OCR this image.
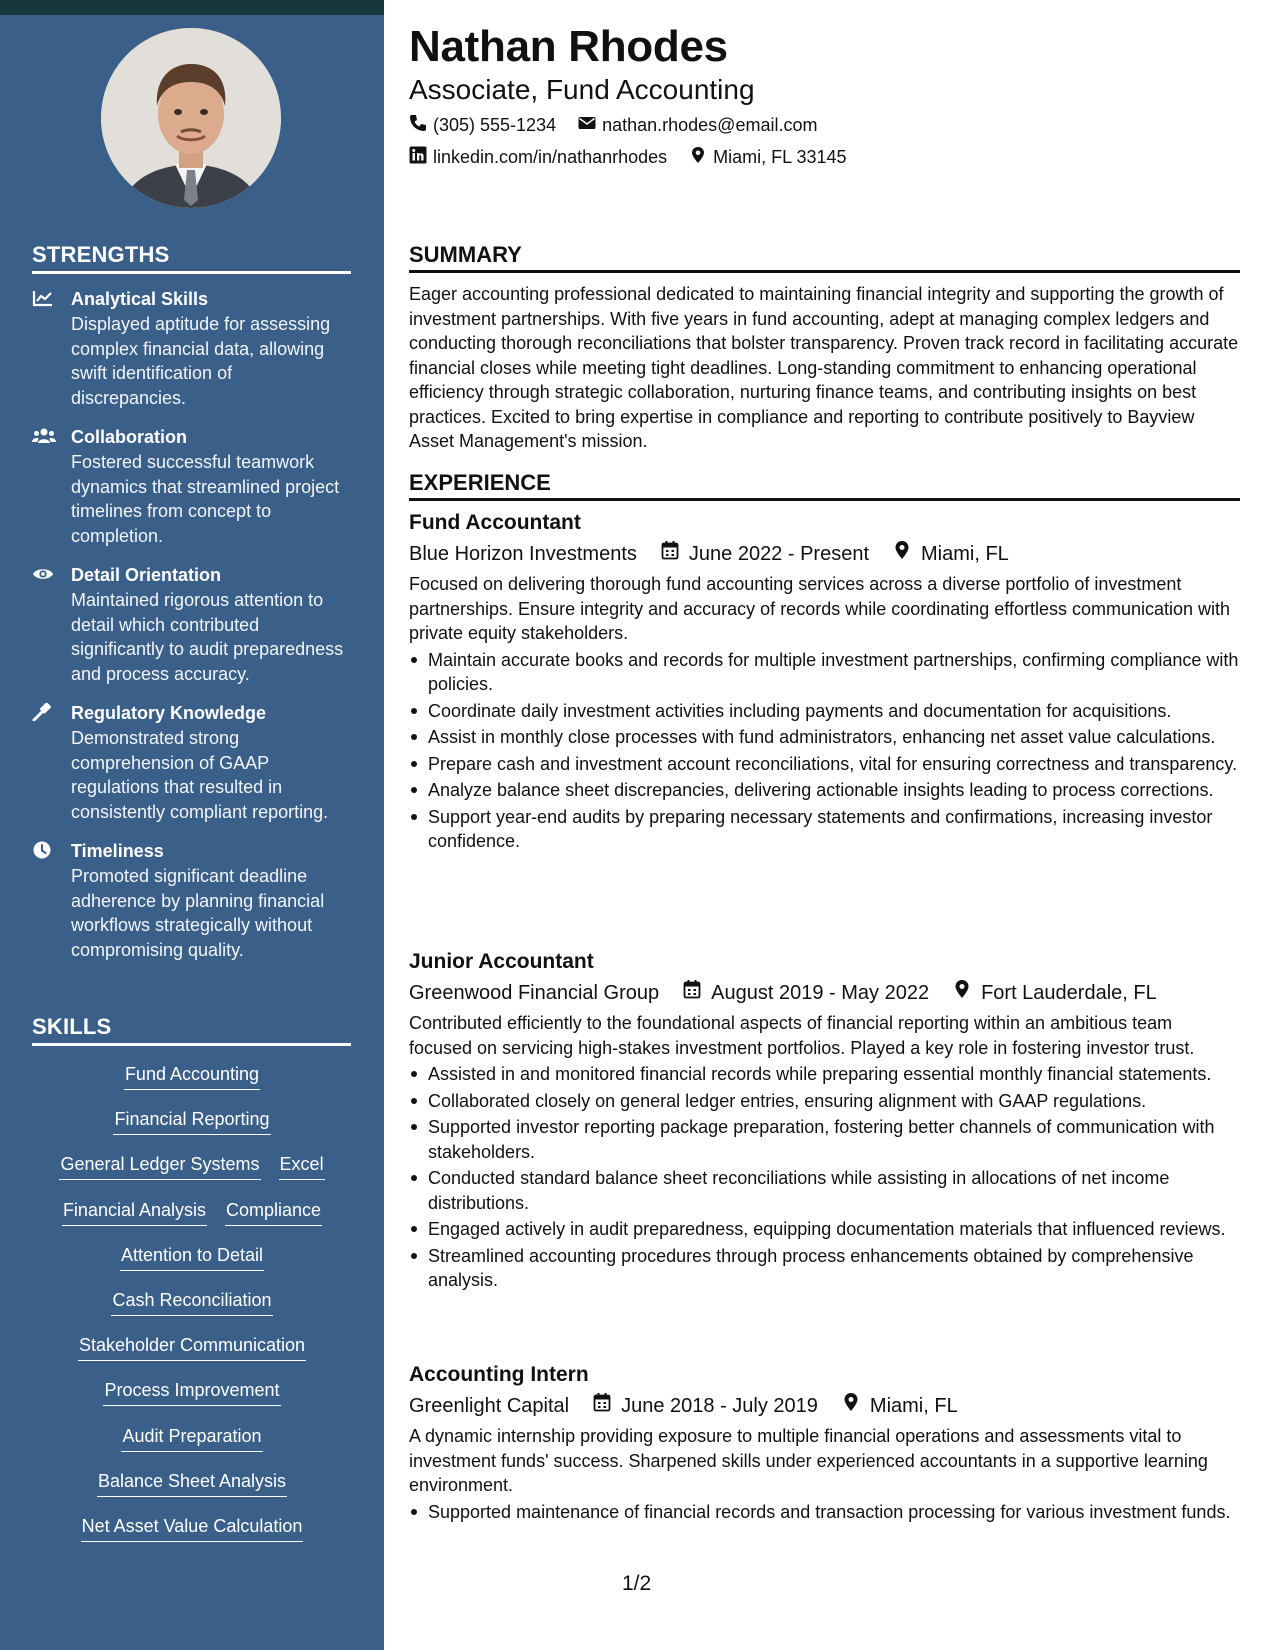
STRENGTHS
Analytical Skills
Displayed aptitude for assessing complex financial data, allowing swift identification of discrepancies.
Collaboration
Fostered successful teamwork dynamics that streamlined project timelines from concept to completion.
Detail Orientation
Maintained rigorous attention to detail which contributed significantly to audit preparedness and process accuracy.
Regulatory Knowledge
Demonstrated strong comprehension of GAAP regulations that resulted in consistently compliant reporting.
Timeliness
Promoted significant deadline adherence by planning financial workflows strategically without compromising quality.
SKILLS
Fund Accounting
Financial Reporting
General Ledger Systems Excel
Financial Analysis Compliance
Attention to Detail
Cash Reconciliation
Stakeholder Communication
Process Improvement
Audit Preparation
Balance Sheet Analysis
Net Asset Value Calculation
Nathan Rhodes
Associate, Fund Accounting
(305) 555-1234	nathan.rhodes@email.com
linkedin.com/in/nathanrhodes	Miami, FL 33145
SUMMARY
Eager accounting professional dedicated to maintaining financial integrity and supporting the growth of investment partnerships. With five years in fund accounting, adept at managing complex ledgers and conducting thorough reconciliations that bolster transparency. Proven track record in facilitating accurate financial closes while meeting tight deadlines. Long-standing commitment to enhancing operational efficiency through strategic collaboration, nurturing finance teams, and contributing insights on best practices. Excited to bring expertise in compliance and reporting to contribute positively to Bayview Asset Management's mission.
EXPERIENCE
Fund Accountant
Blue Horizon Investments	June 2022 - Present	Miami, FL
Focused on delivering thorough fund accounting services across a diverse portfolio of investment partnerships. Ensure integrity and accuracy of records while coordinating effortless communication with private equity stakeholders.
Maintain accurate books and records for multiple investment partnerships, confirming compliance with policies.
Coordinate daily investment activities including payments and documentation for acquisitions.
Assist in monthly close processes with fund administrators, enhancing net asset value calculations.
Prepare cash and investment account reconciliations, vital for ensuring correctness and transparency.
Analyze balance sheet discrepancies, delivering actionable insights leading to process corrections.
Support year-end audits by preparing necessary statements and confirmations, increasing investor confidence.
Junior Accountant
Greenwood Financial Group	August 2019 - May 2022	Fort Lauderdale, FL
Contributed efficiently to the foundational aspects of financial reporting within an ambitious team focused on servicing high-stakes investment portfolios. Played a key role in fostering investor trust.
Assisted in and monitored financial records while preparing essential monthly financial statements.
Collaborated closely on general ledger entries, ensuring alignment with GAAP regulations.
Supported investor reporting package preparation, fostering better channels of communication with stakeholders.
Conducted standard balance sheet reconciliations while assisting in allocations of net income distributions.
Engaged actively in audit preparedness, equipping documentation materials that influenced reviews.
Streamlined accounting procedures through process enhancements obtained by comprehensive analysis.
Accounting Intern
Greenlight Capital	June 2018 - July 2019	Miami, FL
A dynamic internship providing exposure to multiple financial operations and assessments vital to investment funds' success. Sharpened skills under experienced accountants in a supportive learning environment.
Supported maintenance of financial records and transaction processing for various investment funds.
1/2
